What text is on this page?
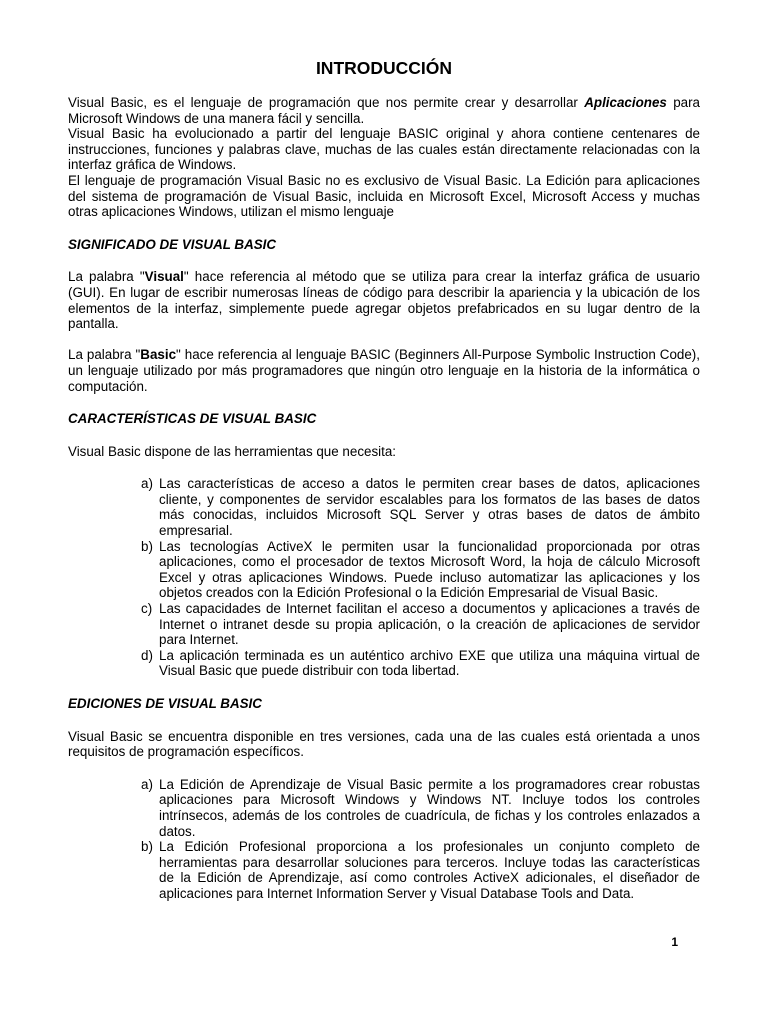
INTRODUCCIÓN

Visual Basic, es el lenguaje de programación que nos permite crear y desarrollar Aplicaciones para Microsoft Windows de una manera fácil y sencilla.

Visual Basic ha evolucionado a partir del lenguaje BASIC original y ahora contiene centenares de instrucciones, funciones y palabras clave, muchas de las cuales están directamente relacionadas con la interfaz gráfica de Windows.

El lenguaje de programación Visual Basic no es exclusivo de Visual Basic. La Edición para aplicaciones del sistema de programación de Visual Basic, incluida en Microsoft Excel, Microsoft Access y muchas otras aplicaciones Windows, utilizan el mismo lenguaje

SIGNIFICADO DE VISUAL BASIC

La palabra "Visual" hace referencia al método que se utiliza para crear la interfaz gráfica de usuario (GUI). En lugar de escribir numerosas líneas de código para describir la apariencia y la ubicación de los elementos de la interfaz, simplemente puede agregar objetos prefabricados en su lugar dentro de la pantalla.

La palabra "Basic" hace referencia al lenguaje BASIC (Beginners All-Purpose Symbolic Instruction Code), un lenguaje utilizado por más programadores que ningún otro lenguaje en la historia de la informática o computación.

CARACTERÍSTICAS DE VISUAL BASIC

Visual Basic dispone de las herramientas que necesita:

a) Las características de acceso a datos le permiten crear bases de datos, aplicaciones cliente, y componentes de servidor escalables para los formatos de las bases de datos más conocidas, incluidos Microsoft SQL Server y otras bases de datos de ámbito empresarial.
b) Las tecnologías ActiveX le permiten usar la funcionalidad proporcionada por otras aplicaciones, como el procesador de textos Microsoft Word, la hoja de cálculo Microsoft Excel y otras aplicaciones Windows. Puede incluso automatizar las aplicaciones y los objetos creados con la Edición Profesional o la Edición Empresarial de Visual Basic.
c) Las capacidades de Internet facilitan el acceso a documentos y aplicaciones a través de Internet o intranet desde su propia aplicación, o la creación de aplicaciones de servidor para Internet.
d) La aplicación terminada es un auténtico archivo EXE que utiliza una máquina virtual de Visual Basic que puede distribuir con toda libertad.
EDICIONES DE VISUAL BASIC

Visual Basic se encuentra disponible en tres versiones, cada una de las cuales está orientada a unos requisitos de programación específicos.

a) La Edición de Aprendizaje de Visual Basic permite a los programadores crear robustas aplicaciones para Microsoft Windows y Windows NT. Incluye todos los controles intrínsecos, además de los controles de cuadrícula, de fichas y los controles enlazados a datos.
b) La Edición Profesional proporciona a los profesionales un conjunto completo de herramientas para desarrollar soluciones para terceros. Incluye todas las características de la Edición de Aprendizaje, así como controles ActiveX adicionales, el diseñador de aplicaciones para Internet Information Server y Visual Database Tools and Data.
1
